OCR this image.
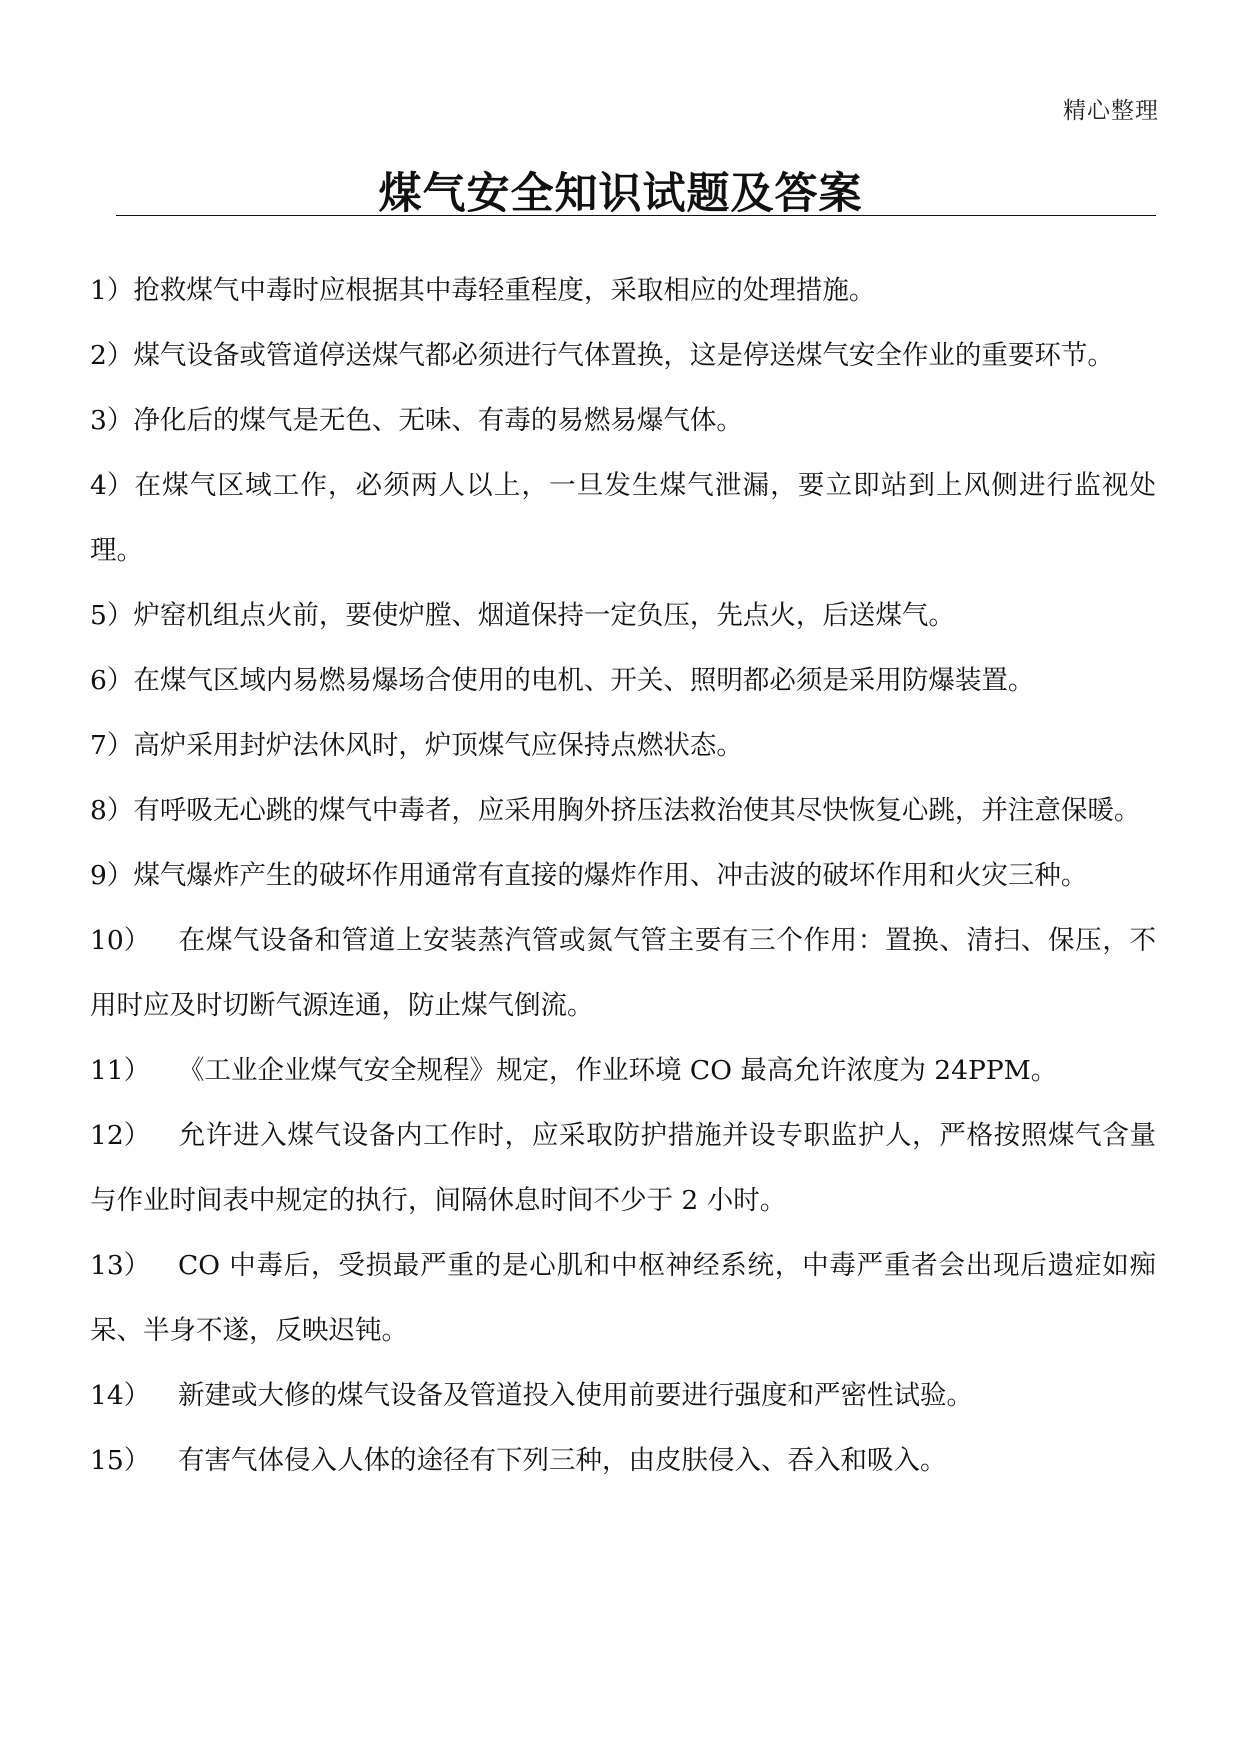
精心整理
煤气安全知识试题及答案

1）抢救煤气中毒时应根据其中毒轻重程度，采取相应的处理措施。

2）煤气设备或管道停送煤气都必须进行气体置换，这是停送煤气安全作业的重要环节。

3）净化后的煤气是无色、无味、有毒的易燃易爆气体。

4）在煤气区域工作，必须两人以上，一旦发生煤气泄漏，要立即站到上风侧进行监视处理。

5）炉窑机组点火前，要使炉膛、烟道保持一定负压，先点火，后送煤气。

6）在煤气区域内易燃易爆场合使用的电机、开关、照明都必须是采用防爆装置。

7）高炉采用封炉法休风时，炉顶煤气应保持点燃状态。

8）有呼吸无心跳的煤气中毒者，应采用胸外挤压法救治使其尽快恢复心跳，并注意保暖。

9）煤气爆炸产生的破坏作用通常有直接的爆炸作用、冲击波的破坏作用和火灾三种。

10） 在煤气设备和管道上安装蒸汽管或氮气管主要有三个作用：置换、清扫、保压，不用时应及时切断气源连通，防止煤气倒流。

11） 《工业企业煤气安全规程》规定，作业环境 CO 最高允许浓度为 24PPM。

12） 允许进入煤气设备内工作时，应采取防护措施并设专职监护人，严格按照煤气含量与作业时间表中规定的执行，间隔休息时间不少于 2 小时。

13） CO 中毒后，受损最严重的是心肌和中枢神经系统，中毒严重者会出现后遗症如痴呆、半身不遂，反映迟钝。

14） 新建或大修的煤气设备及管道投入使用前要进行强度和严密性试验。

15） 有害气体侵入人体的途径有下列三种，由皮肤侵入、吞入和吸入。
